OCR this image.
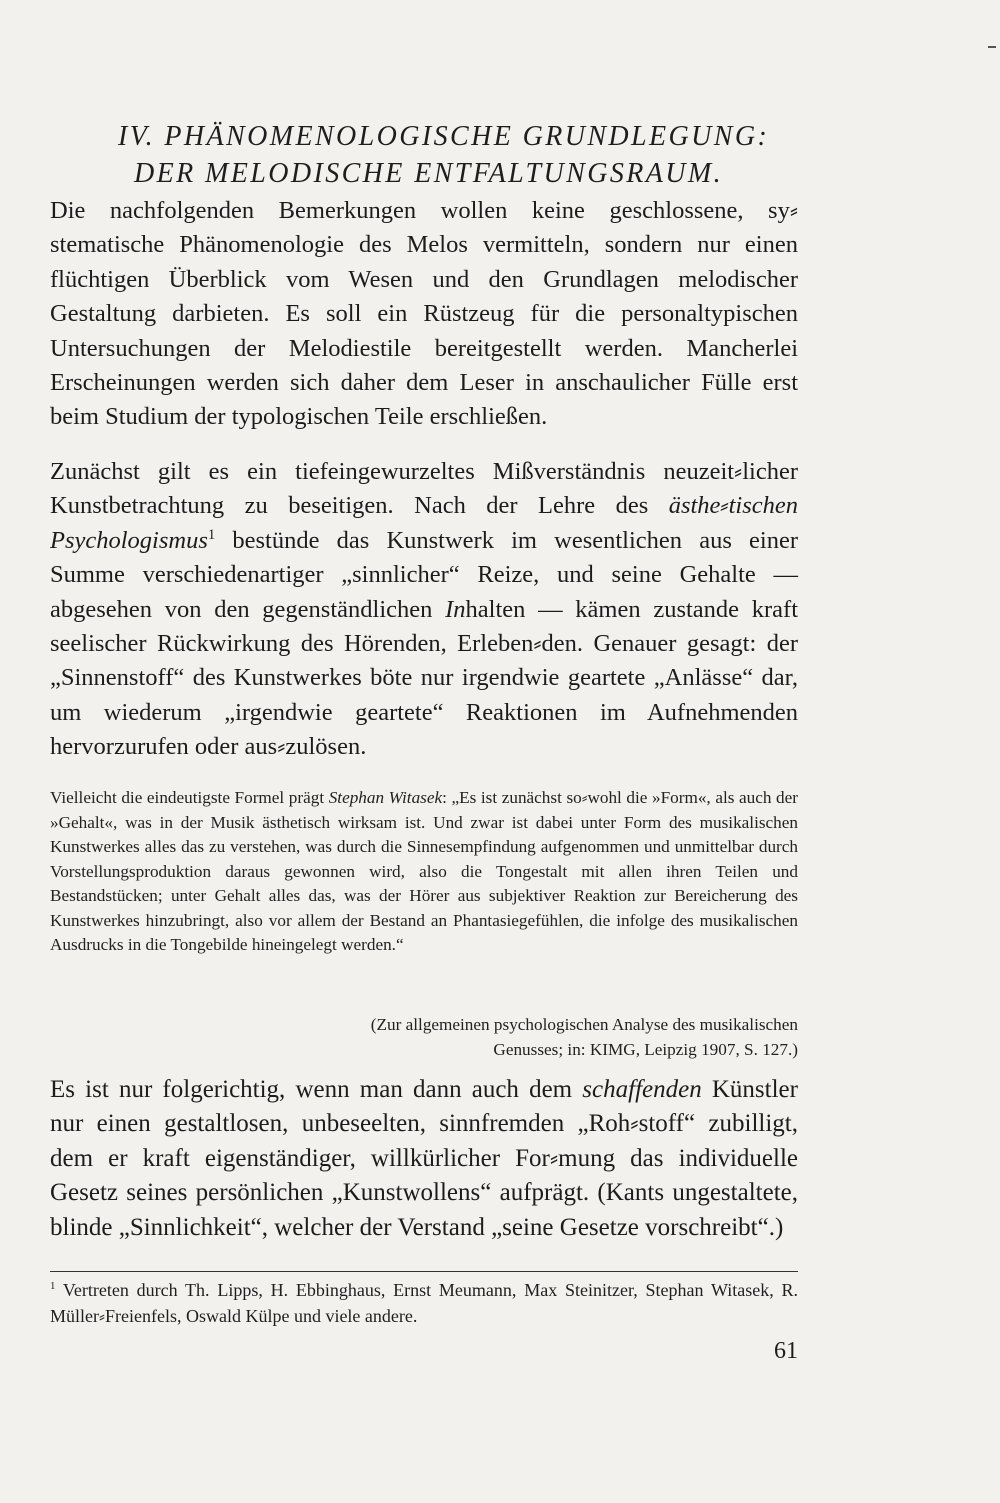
IV. PHÄNOMENOLOGISCHE GRUNDLEGUNG:
DER MELODISCHE ENTFALTUNGSRAUM.

Die nachfolgenden Bemerkungen wollen keine geschlossene, sy⸗stematische Phänomenologie des Melos vermitteln, sondern nur einen flüchtigen Überblick vom Wesen und den Grundlagen melodischer Gestaltung darbieten. Es soll ein Rüstzeug für die personaltypischen Untersuchungen der Melodiestile bereitgestellt werden. Mancherlei Erscheinungen werden sich daher dem Leser in anschaulicher Fülle erst beim Studium der typologischen Teile erschließen.

Zunächst gilt es ein tiefeingewurzeltes Mißverständnis neuzeit⸗licher Kunstbetrachtung zu beseitigen. Nach der Lehre des ästhe⸗tischen Psychologismus$^1$ bestünde das Kunstwerk im wesentlichen aus einer Summe verschiedenartiger „sinnlicher“ Reize, und seine Gehalte — abgesehen von den gegenständlichen Inhalten — kämen zustande kraft seelischer Rückwirkung des Hörenden, Erleben⸗den. Genauer gesagt: der „Sinnenstoff“ des Kunstwerkes böte nur irgendwie geartete „Anlässe“ dar, um wiederum „irgendwie geartete“ Reaktionen im Aufnehmenden hervorzurufen oder aus⸗zulösen.

Vielleicht die eindeutigste Formel prägt Stephan Witasek: „Es ist zunächst so⸗wohl die »Form«, als auch der »Gehalt«, was in der Musik ästhetisch wirksam ist. Und zwar ist dabei unter Form des musikalischen Kunstwerkes alles das zu verstehen, was durch die Sinnesempfindung aufgenommen und unmittelbar durch Vorstellungsproduktion daraus gewonnen wird, also die Tongestalt mit allen ihren Teilen und Bestandstücken; unter Gehalt alles das, was der Hörer aus subjektiver Reaktion zur Bereicherung des Kunstwerkes hinzubringt, also vor allem der Bestand an Phantasiegefühlen, die infolge des musikalischen Ausdrucks in die Tongebilde hineingelegt werden.“

(Zur allgemeinen psychologischen Analyse des musikalischen
Genusses; in: KIMG, Leipzig 1907, S. 127.)

Es ist nur folgerichtig, wenn man dann auch dem schaffenden Künstler nur einen gestaltlosen, unbeseelten, sinnfremden „Roh⸗stoff“ zubilligt, dem er kraft eigenständiger, willkürlicher For⸗mung das individuelle Gesetz seines persönlichen „Kunstwollens“ aufprägt. (Kants ungestaltete, blinde „Sinnlichkeit“, welcher der Verstand „seine Gesetze vorschreibt“.)

$^1$ Vertreten durch Th. Lipps, H. Ebbinghaus, Ernst Meumann, Max Steinitzer, Stephan Witasek, R. Müller⸗Freienfels, Oswald Külpe und viele andere.

61
